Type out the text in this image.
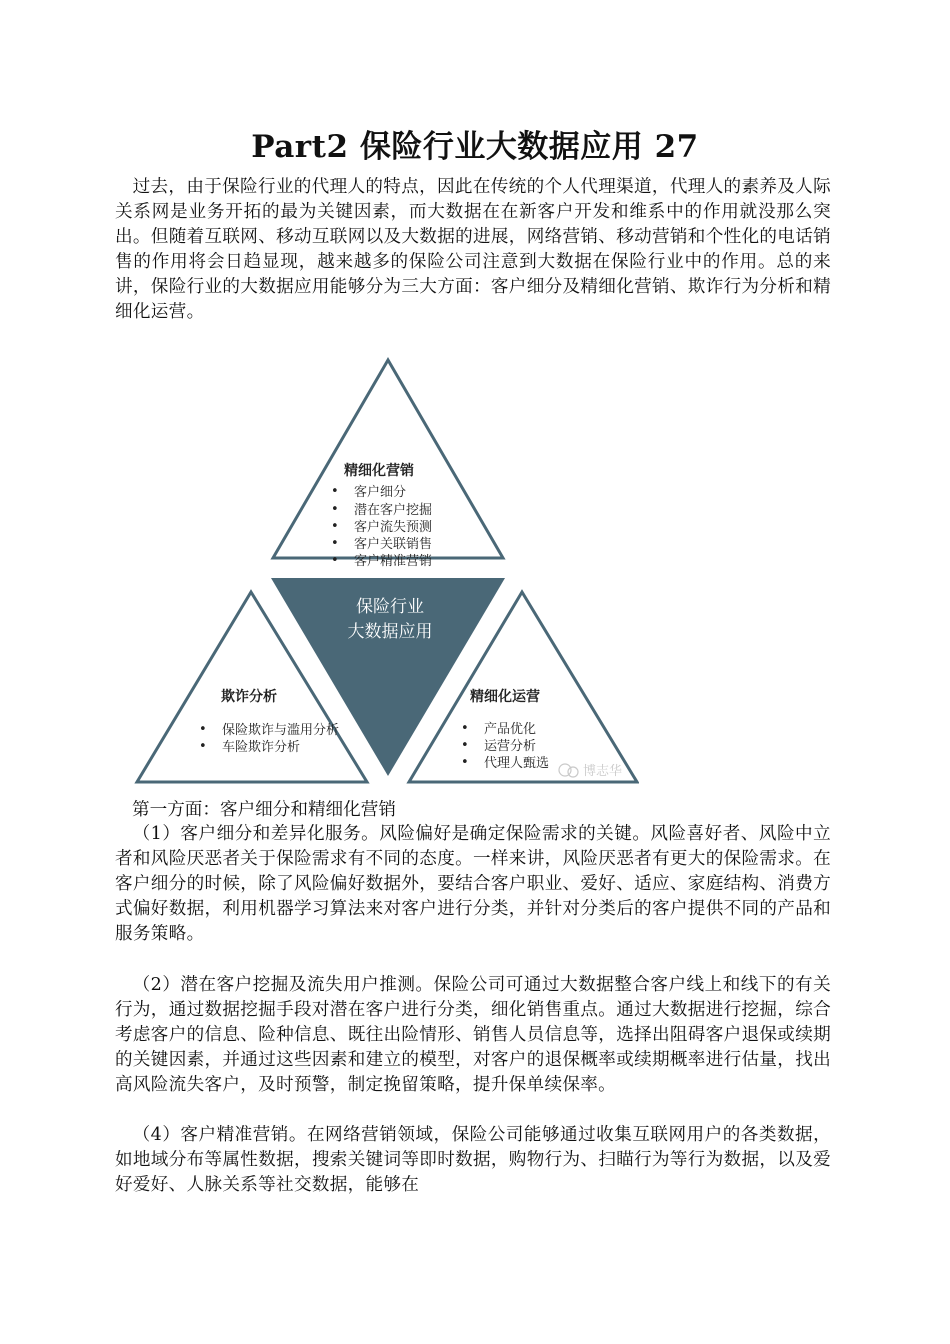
Part2 保险行业大数据应用 27

过去，由于保险行业的代理人的特点，因此在传统的个人代理渠道，代理人的素养及人际关系网是业务开拓的最为关键因素，而大数据在在新客户开发和维系中的作用就没那么突出。但随着互联网、移动互联网以及大数据的进展，网络营销、移动营销和个性化的电话销售的作用将会日趋显现，越来越多的保险公司注意到大数据在保险行业中的作用。总的来讲，保险行业的大数据应用能够分为三大方面：客户细分及精细化营销、欺诈行为分析和精细化运营。

保险行业
大数据应用
精细化营销
• 客户细分
• 潜在客户挖掘
• 客户流失预测
• 客户关联销售
• 客户精准营销
欺诈分析
• 保险欺诈与滥用分析
• 车险欺诈分析
精细化运营
• 产品优化
• 运营分析
• 代理人甄选
博志华
第一方面：客户细分和精细化营销

（1）客户细分和差异化服务。风险偏好是确定保险需求的关键。风险喜好者、风险中立者和风险厌恶者关于保险需求有不同的态度。一样来讲，风险厌恶者有更大的保险需求。在客户细分的时候，除了风险偏好数据外，要结合客户职业、爱好、适应、家庭结构、消费方式偏好数据，利用机器学习算法来对客户进行分类，并针对分类后的客户提供不同的产品和服务策略。

（2）潜在客户挖掘及流失用户推测。保险公司可通过大数据整合客户线上和线下的有关行为，通过数据挖掘手段对潜在客户进行分类，细化销售重点。通过大数据进行挖掘，综合考虑客户的信息、险种信息、既往出险情形、销售人员信息等，选择出阻碍客户退保或续期的关键因素，并通过这些因素和建立的模型，对客户的退保概率或续期概率进行估量，找出高风险流失客户，及时预警，制定挽留策略，提升保单续保率。

（4）客户精准营销。在网络营销领域，保险公司能够通过收集互联网用户的各类数据，如地域分布等属性数据，搜索关键词等即时数据，购物行为、扫瞄行为等行为数据，以及爱好爱好、人脉关系等社交数据，能够在
